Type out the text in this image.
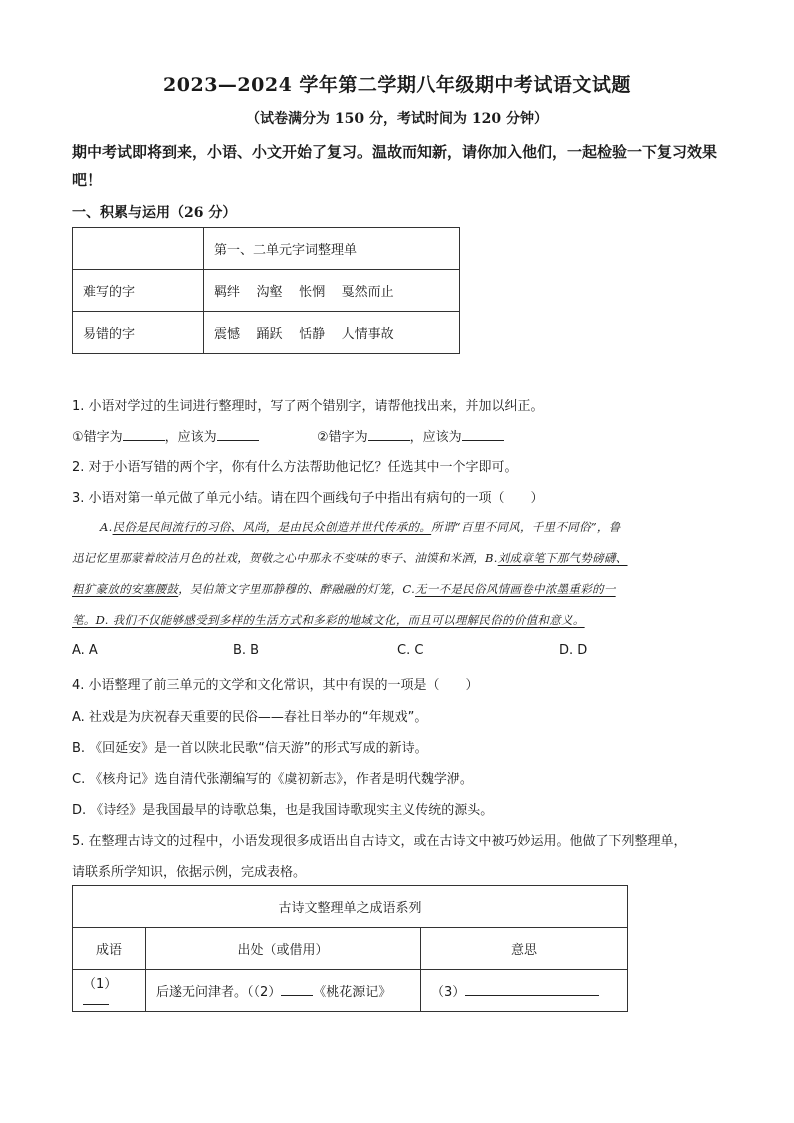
2023—2024 学年第二学期八年级期中考试语文试题
（试卷满分为 150 分，考试时间为 120 分钟）
期中考试即将到来，小语、小文开始了复习。温故而知新，请你加入他们，一起检验一下复习效果吧！
一、积累与运用（26 分）
	第一、二单元字词整理单
难写的字	羁绊 沟壑 怅惘 戛然而止
易错的字	震憾 踊跃 恬静 人情事故
1. 小语对学过的生词进行整理时，写了两个错别字，请帮他找出来，并加以纠正。
①错字为	，应该为	②错字为	，应该为
2. 对于小语写错的两个字，你有什么方法帮助他记忆？任选其中一个字即可。
3. 小语对第一单元做了单元小结。请在四个画线句子中指出有病句的一项（　　）
A.民俗是民间流行的习俗、风尚，是由民众创造并世代传承的。所谓“百里不同风，千里不同俗”，鲁
迅记忆里那蒙着皎洁月色的社戏，贺敬之心中那永不变味的枣子、油馍和米酒，B.刘成章笔下那气势磅礴、
粗犷豪放的安塞腰鼓，吴伯箫文字里那静穆的、醉融融的灯笼，C.无一不是民俗风情画卷中浓墨重彩的一
笔。D. 我们不仅能够感受到多样的生活方式和多彩的地域文化，而且可以理解民俗的价值和意义。
A. A	B. B	C. C	D. D
4. 小语整理了前三单元的文学和文化常识，其中有误的一项是（　　）
A. 社戏是为庆祝春天重要的民俗——春社日举办的“年规戏”。
B. 《回延安》是一首以陕北民歌“信天游”的形式写成的新诗。
C. 《核舟记》选自清代张潮编写的《虞初新志》，作者是明代魏学洢。
D. 《诗经》是我国最早的诗歌总集，也是我国诗歌现实主义传统的源头。
5. 在整理古诗文的过程中，小语发现很多成语出自古诗文，或在古诗文中被巧妙运用。他做了下列整理单，
请联系所学知识，依据示例，完成表格。
古诗文整理单之成语系列		
成语	出处（或借用）	意思
（1）	后遂无问津者。（（2） 《桃花源记》	（3）
